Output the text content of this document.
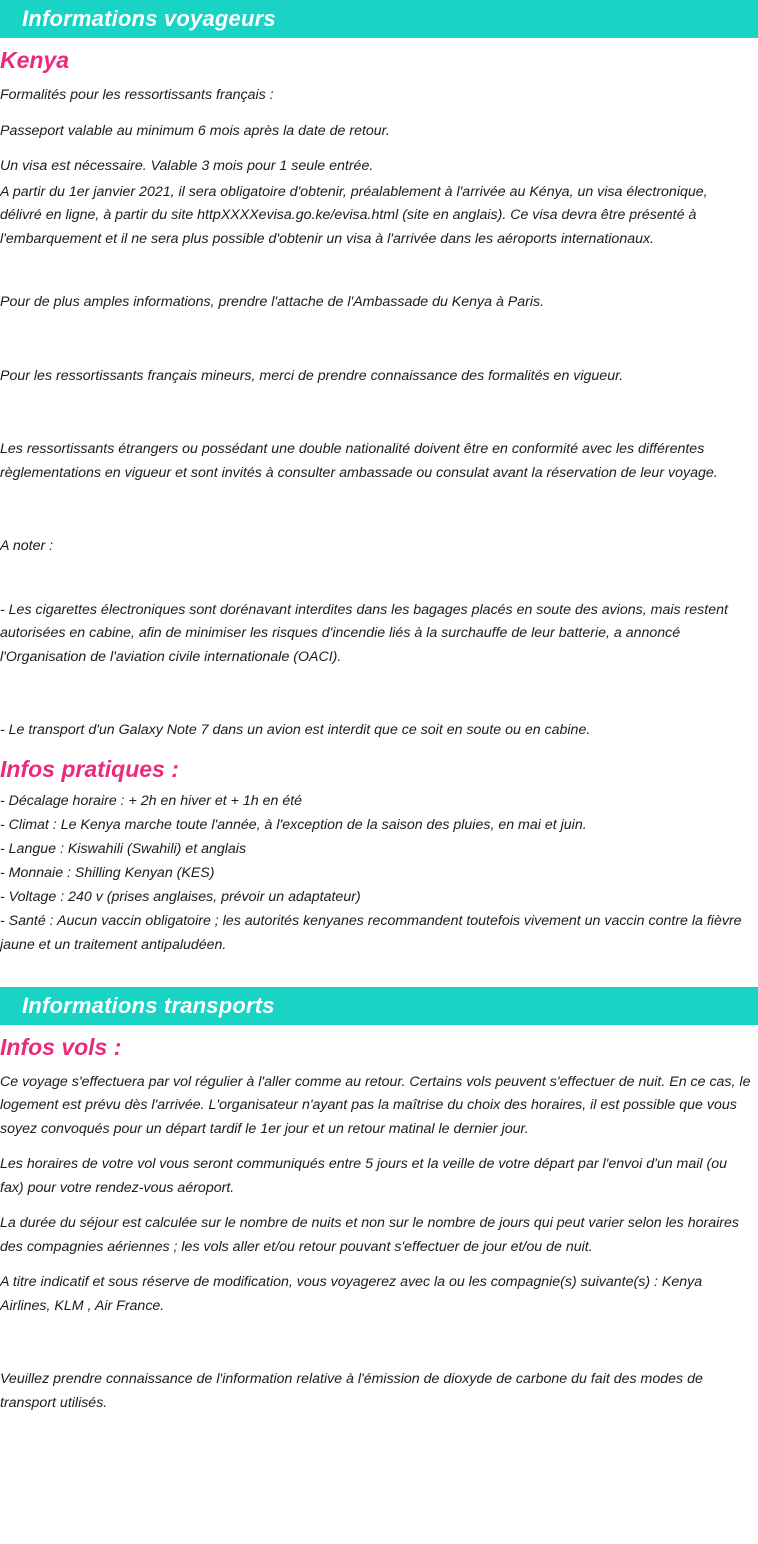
Informations voyageurs
Kenya

Formalités pour les ressortissants français :

Passeport valable au minimum 6 mois après la date de retour.

Un visa est nécessaire. Valable 3 mois pour 1 seule entrée.

A partir du 1er janvier 2021, il sera obligatoire d'obtenir, préalablement à l'arrivée au Kénya, un visa électronique, délivré en ligne, à partir du site httpXXXXevisa.go.ke/evisa.html (site en anglais). Ce visa devra être présenté à l'embarquement et il ne sera plus possible d'obtenir un visa à l'arrivée dans les aéroports internationaux.

Pour de plus amples informations, prendre l'attache de l'Ambassade du Kenya à Paris.

Pour les ressortissants français mineurs, merci de prendre connaissance des formalités en vigueur.

Les ressortissants étrangers ou possédant une double nationalité doivent être en conformité avec les différentes règlementations en vigueur et sont invités à consulter ambassade ou consulat avant la réservation de leur voyage.

A noter :

- Les cigarettes électroniques sont dorénavant interdites dans les bagages placés en soute des avions, mais restent autorisées en cabine, afin de minimiser les risques d'incendie liés à la surchauffe de leur batterie, a annoncé l'Organisation de l'aviation civile internationale (OACI).

- Le transport d'un Galaxy Note 7 dans un avion est interdit que ce soit en soute ou en cabine.

Infos pratiques :

- Décalage horaire : + 2h en hiver et + 1h en été

- Climat : Le Kenya marche toute l'année, à l'exception de la saison des pluies, en mai et juin.

- Langue : Kiswahili (Swahili) et anglais

- Monnaie : Shilling Kenyan (KES)

- Voltage : 240 v (prises anglaises, prévoir un adaptateur)

- Santé : Aucun vaccin obligatoire ; les autorités kenyanes recommandent toutefois vivement un vaccin contre la fièvre jaune et un traitement antipaludéen.

Informations transports
Infos vols :

Ce voyage s'effectuera par vol régulier à l'aller comme au retour. Certains vols peuvent s'effectuer de nuit. En ce cas, le logement est prévu dès l'arrivée. L'organisateur n'ayant pas la maîtrise du choix des horaires, il est possible que vous soyez convoqués pour un départ tardif le 1er jour et un retour matinal le dernier jour.

Les horaires de votre vol vous seront communiqués entre 5 jours et la veille de votre départ par l'envoi d'un mail (ou fax) pour votre rendez-vous aéroport.

La durée du séjour est calculée sur le nombre de nuits et non sur le nombre de jours qui peut varier selon les horaires des compagnies aériennes ; les vols aller et/ou retour pouvant s'effectuer de jour et/ou de nuit.

A titre indicatif et sous réserve de modification, vous voyagerez avec la ou les compagnie(s) suivante(s) : Kenya Airlines, KLM , Air France.

Veuillez prendre connaissance de l'information relative à l'émission de dioxyde de carbone du fait des modes de transport utilisés.
